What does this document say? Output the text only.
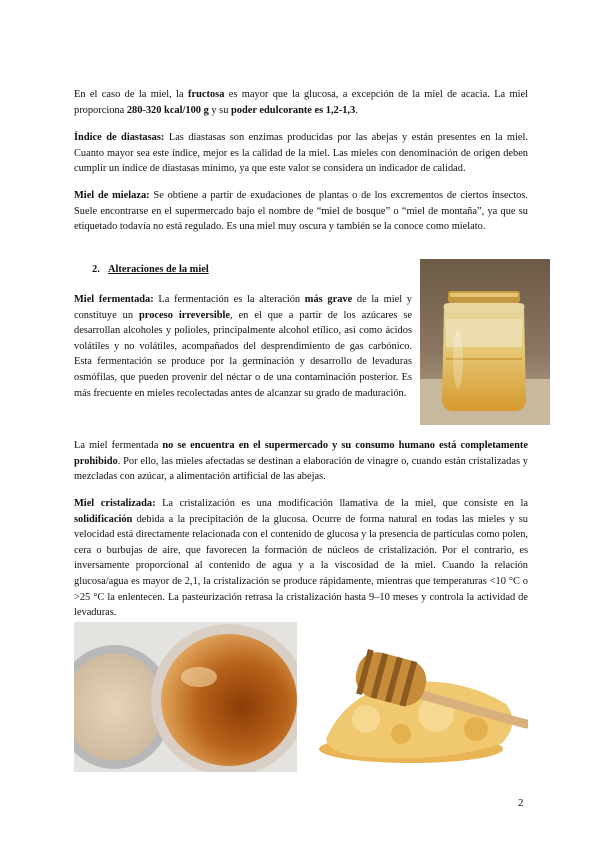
En el caso de la miel, la fructosa es mayor que la glucosa, a excepción de la miel de acacia. La miel proporciona 280-320 kcal/100 g y su poder edulcorante es 1,2-1,3.

Índice de diastasas: Las diastasas son enzimas producidas por las abejas y están presentes en la miel. Cuanto mayor sea este índice, mejor es la calidad de la miel. Las mieles con denominación de origen deben cumplir un índice de diastasas mínimo, ya que este valor se considera un indicador de calidad.

Miel de mielaza: Se obtiene a partir de exudaciones de plantas o de los excrementos de ciertos insectos. Suele encontrarse en el supermercado bajo el nombre de “miel de bosque” o “miel de montaña”, ya que su etiquetado todavía no está regulado. Es una miel muy oscura y también se la conoce como mielato.

2. Alteraciones de la miel

Miel fermentada: La fermentación es la alteración más grave de la miel y constituye un proceso irreversible, en el que a partir de los azúcares se desarrollan alcoholes y polioles, principalmente alcohol etílico, así como ácidos volátiles y no volátiles, acompañados del desprendimiento de gas carbónico. Esta fermentación se produce por la germinación y desarrollo de levaduras osmófilas, que pueden provenir del néctar o de una contaminación posterior. Es más frecuente en mieles recolectadas antes de alcanzar su grado de maduración.

La miel fermentada no se encuentra en el supermercado y su consumo humano está completamente prohibido. Por ello, las mieles afectadas se destinan a elaboración de vinagre o, cuando están cristalizadas y mezcladas con azúcar, a alimentación artificial de las abejas.

Miel cristalizada: La cristalización es una modificación llamativa de la miel, que consiste en la solidificación debida a la precipitación de la glucosa. Ocurre de forma natural en todas las mieles y su velocidad está directamente relacionada con el contenido de glucosa y la presencia de partículas como polen, cera o burbujas de aire, que favorecen la formación de núcleos de cristalización. Por el contrario, es inversamente proporcional al contenido de agua y a la viscosidad de la miel. Cuando la relación glucosa/agua es mayor de 2,1, la cristalización se produce rápidamente, mientras que temperaturas <10 °C o >25 °C la enlentecen. La pasteurización retrasa la cristalización hasta 9–10 meses y controla la actividad de levaduras.

2
